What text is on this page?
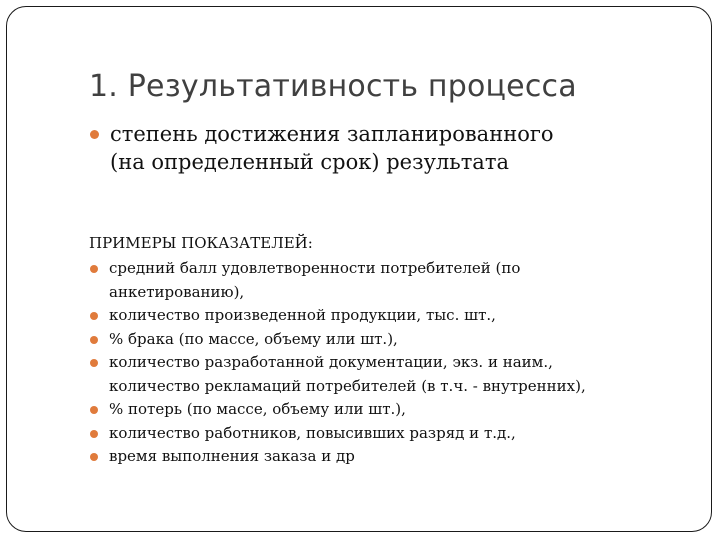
1. Результативность процесса
степень достижения запланированного
(на определенный срок) результата

ПРИМЕРЫ ПОКАЗАТЕЛЕЙ:

средний балл удовлетворенности потребителей (по
анкетированию),
количество произведенной продукции, тыс. шт.,
% брака (по массе, объему или шт.),
количество разработанной документации, экз. и наим.,
количество рекламаций потребителей (в т.ч. - внутренних),
% потерь (по массе, объему или шт.),
количество работников, повысивших разряд и т.д.,
время выполнения заказа и др
